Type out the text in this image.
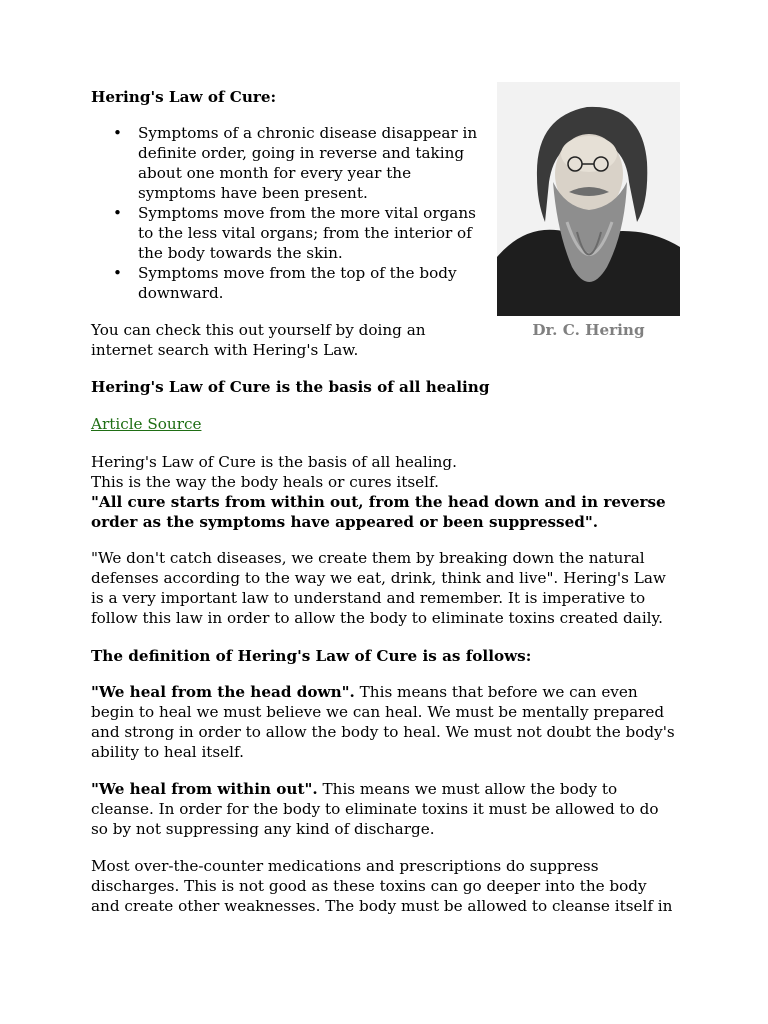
Hering's Law of Cure:

• Symptoms of a chronic disease disappear in definite order, going in reverse and taking about one month for every year the symptoms have been present.
• Symptoms move from the more vital organs to the less vital organs; from the interior of the body towards the skin.
• Symptoms move from the top of the body downward.
Dr. C. Hering

You can check this out yourself by doing an internet search with Hering's Law.

Hering's Law of Cure is the basis of all healing

Article Source

Hering's Law of Cure is the basis of all healing.

This is the way the body heals or cures itself.

"All cure starts from within out, from the head down and in reverse order as the symptoms have appeared or been suppressed".

"We don't catch diseases, we create them by breaking down the natural defenses according to the way we eat, drink, think and live". Hering's Law is a very important law to understand and remember. It is imperative to follow this law in order to allow the body to eliminate toxins created daily.

The definition of Hering's Law of Cure is as follows:

"We heal from the head down". This means that before we can even begin to heal we must believe we can heal. We must be mentally prepared and strong in order to allow the body to heal. We must not doubt the body's ability to heal itself.

"We heal from within out". This means we must allow the body to cleanse. In order for the body to eliminate toxins it must be allowed to do so by not suppressing any kind of discharge.

Most over-the-counter medications and prescriptions do suppress discharges. This is not good as these toxins can go deeper into the body and create other weaknesses. The body must be allowed to cleanse itself in
